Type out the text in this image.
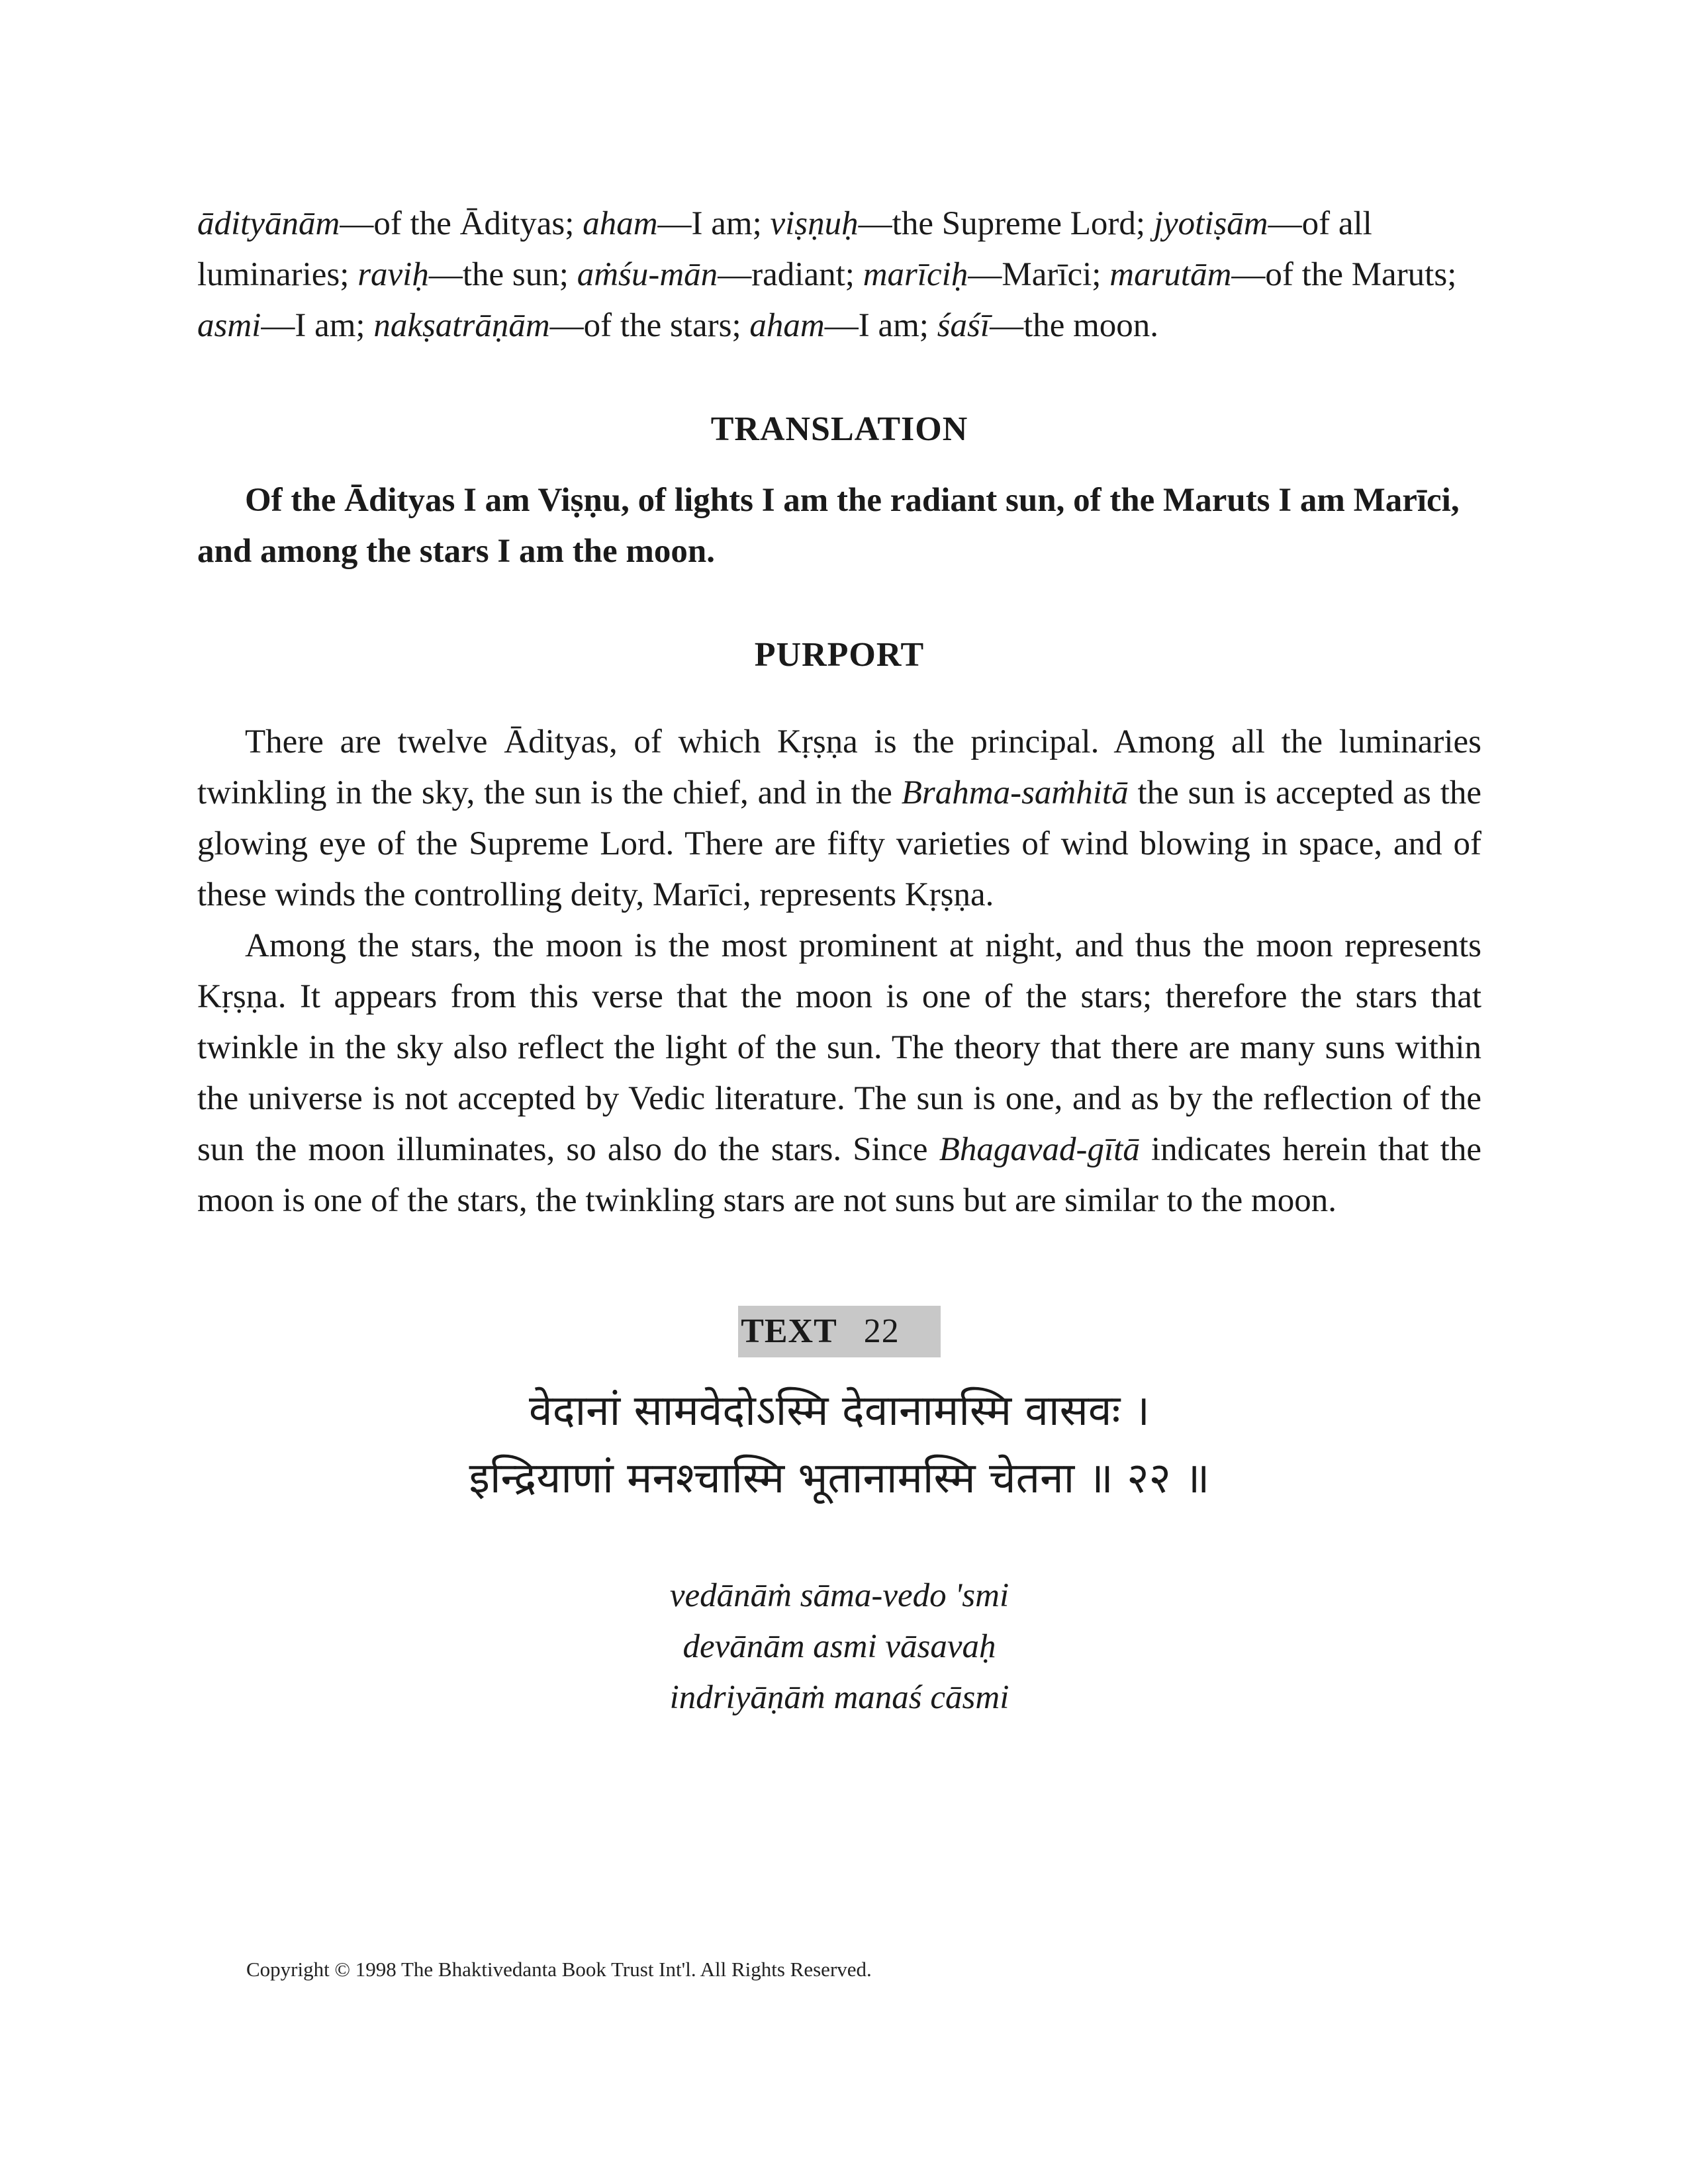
ādityānām—of the Ādityas; aham—I am; viṣṇuḥ—the Supreme Lord; jyotiṣām—of all luminaries; raviḥ—the sun; aṁśu-mān—radiant; marīciḥ—Marīci; marutām—of the Maruts; asmi—I am; nakṣatrāṇām—of the stars; aham—I am; śaśī—the moon.

TRANSLATION

Of the Ādityas I am Viṣṇu, of lights I am the radiant sun, of the Maruts I am Marīci, and among the stars I am the moon.

PURPORT

There are twelve Ādityas, of which Kṛṣṇa is the principal. Among all the luminaries twinkling in the sky, the sun is the chief, and in the Brahma-saṁhitā the sun is accepted as the glowing eye of the Supreme Lord. There are fifty varieties of wind blowing in space, and of these winds the controlling deity, Marīci, represents Kṛṣṇa.

Among the stars, the moon is the most prominent at night, and thus the moon represents Kṛṣṇa. It appears from this verse that the moon is one of the stars; therefore the stars that twinkle in the sky also reflect the light of the sun. The theory that there are many suns within the universe is not accepted by Vedic literature. The sun is one, and as by the reflection of the sun the moon illuminates, so also do the stars. Since Bhagavad-gītā indicates herein that the moon is one of the stars, the twinkling stars are not suns but are similar to the moon.

TEXT 22
वेदानां सामवेदोऽस्मि देवानामस्मि वासवः ।
इन्द्रियाणां मनश्चास्मि भूतानामस्मि चेतना ॥ २२ ॥
vedānāṁ sāma-vedo 'smi
devānām asmi vāsavaḥ
indriyāṇāṁ manaś cāsmi
Copyright © 1998 The Bhaktivedanta Book Trust Int'l. All Rights Reserved.
